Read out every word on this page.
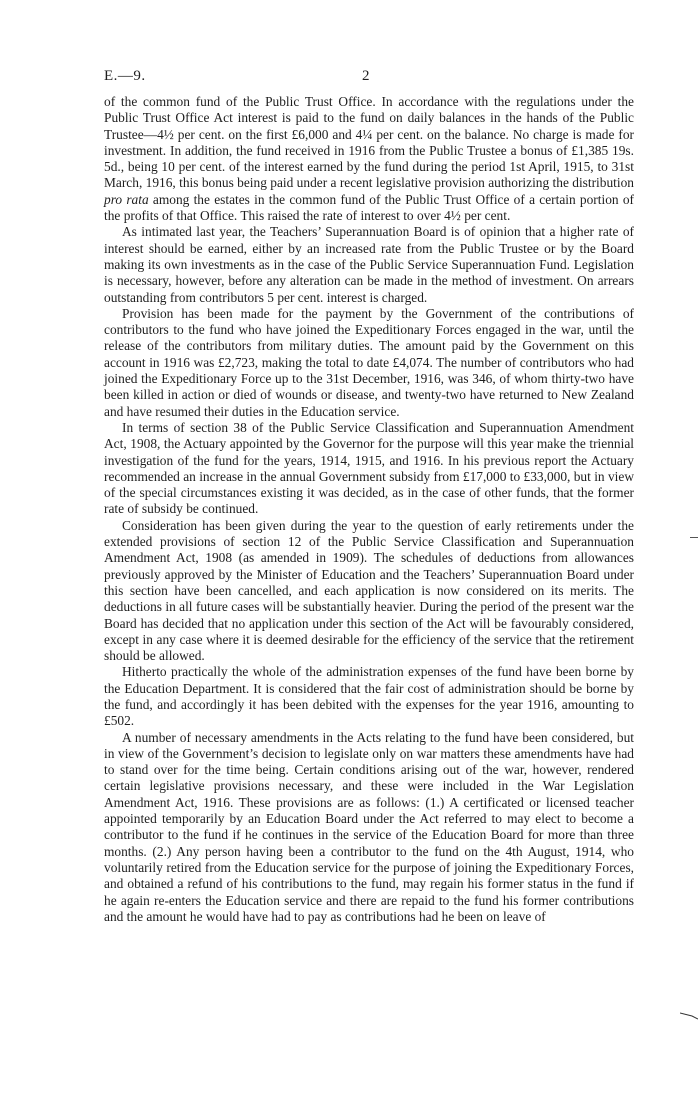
E.—9.	2

of the common fund of the Public Trust Office. In accordance with the regulations under the Public Trust Office Act interest is paid to the fund on daily balances in the hands of the Public Trustee—4½ per cent. on the first £6,000 and 4¼ per cent. on the balance. No charge is made for investment. In addition, the fund received in 1916 from the Public Trustee a bonus of £1,385 19s. 5d., being 10 per cent. of the interest earned by the fund during the period 1st April, 1915, to 31st March, 1916, this bonus being paid under a recent legislative provision authorizing the distribution pro rata among the estates in the common fund of the Public Trust Office of a certain portion of the profits of that Office. This raised the rate of interest to over 4½ per cent.

As intimated last year, the Teachers’ Superannuation Board is of opinion that a higher rate of interest should be earned, either by an increased rate from the Public Trustee or by the Board making its own investments as in the case of the Public Service Superannuation Fund. Legislation is necessary, however, before any alteration can be made in the method of investment. On arrears outstanding from contributors 5 per cent. interest is charged.

Provision has been made for the payment by the Government of the contributions of contributors to the fund who have joined the Expeditionary Forces engaged in the war, until the release of the contributors from military duties. The amount paid by the Government on this account in 1916 was £2,723, making the total to date £4,074. The number of contributors who had joined the Expeditionary Force up to the 31st December, 1916, was 346, of whom thirty-two have been killed in action or died of wounds or disease, and twenty-two have returned to New Zealand and have resumed their duties in the Education service.

In terms of section 38 of the Public Service Classification and Superannuation Amendment Act, 1908, the Actuary appointed by the Governor for the purpose will this year make the triennial investigation of the fund for the years, 1914, 1915, and 1916. In his previous report the Actuary recommended an increase in the annual Government subsidy from £17,000 to £33,000, but in view of the special circumstances existing it was decided, as in the case of other funds, that the former rate of subsidy be continued.

Consideration has been given during the year to the question of early retirements under the extended provisions of section 12 of the Public Service Classification and Superannuation Amendment Act, 1908 (as amended in 1909). The schedules of deductions from allowances previously approved by the Minister of Education and the Teachers’ Superannuation Board under this section have been cancelled, and each application is now considered on its merits. The deductions in all future cases will be substantially heavier. During the period of the present war the Board has decided that no application under this section of the Act will be favourably considered, except in any case where it is deemed desirable for the efficiency of the service that the retirement should be allowed.

Hitherto practically the whole of the administration expenses of the fund have been borne by the Education Department. It is considered that the fair cost of administration should be borne by the fund, and accordingly it has been debited with the expenses for the year 1916, amounting to £502.

A number of necessary amendments in the Acts relating to the fund have been considered, but in view of the Government’s decision to legislate only on war matters these amendments have had to stand over for the time being. Certain conditions arising out of the war, however, rendered certain legislative provisions necessary, and these were included in the War Legislation Amendment Act, 1916. These provisions are as follows: (1.) A certificated or licensed teacher appointed temporarily by an Education Board under the Act referred to may elect to become a contributor to the fund if he continues in the service of the Education Board for more than three months. (2.) Any person having been a contributor to the fund on the 4th August, 1914, who voluntarily retired from the Education service for the purpose of joining the Expeditionary Forces, and obtained a refund of his contributions to the fund, may regain his former status in the fund if he again re-enters the Education service and there are repaid to the fund his former contributions and the amount he would have had to pay as contributions had he been on leave of
